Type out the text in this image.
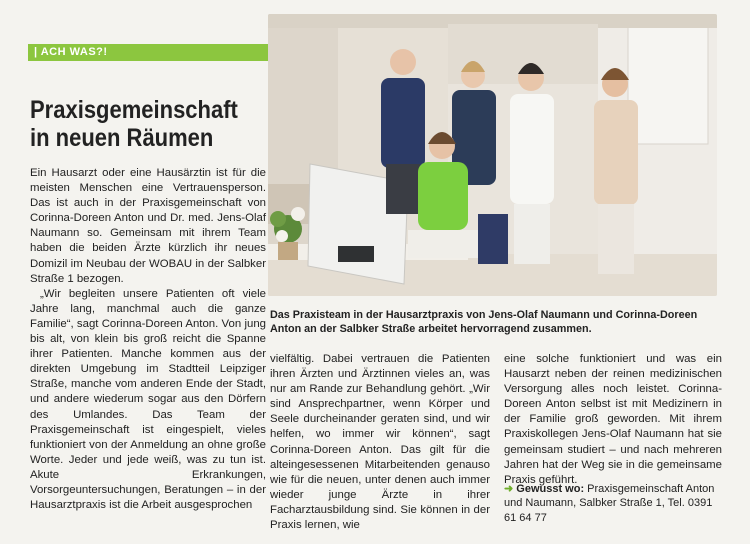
| ACH WAS?!
Praxisgemeinschaft
in neuen Räumen

Ein Hausarzt oder eine Hausärztin ist für die meisten Menschen eine Vertrauensperson. Das ist auch in der Praxisgemeinschaft von Corinna-Doreen Anton und Dr. med. Jens-Olaf Naumann so. Gemeinsam mit ihrem Team haben die beiden Ärzte kürzlich ihr neues Domizil im Neubau der WOBAU in der Salbker Straße 1 bezogen.

„Wir begleiten unsere Patienten oft viele Jahre lang, manchmal auch die ganze Familie“, sagt Corinna-Doreen Anton. Von jung bis alt, von klein bis groß reicht die Spanne ihrer Patienten. Manche kommen aus der direkten Umgebung im Stadtteil Leipziger Straße, manche vom anderen Ende der Stadt, und andere wiederum sogar aus den Dörfern des Umlandes. Das Team der Praxisgemeinschaft ist eingespielt, vieles funktioniert von der Anmeldung an ohne große Worte. Jeder und jede weiß, was zu tun ist. Akute Erkrankungen, Vorsorgeuntersuchungen, Beratungen – in der Hausarztpraxis ist die Arbeit ausgesprochen

Das Praxisteam in der Hausarztpraxis von Jens-Olaf Naumann und Corinna-Doreen Anton an der Salbker Straße arbeitet hervorragend zusammen.

vielfältig. Dabei vertrauen die Patienten ihren Ärzten und Ärztinnen vieles an, was nur am Rande zur Behandlung gehört. „Wir sind Ansprechpartner, wenn Körper und Seele durcheinander geraten sind, und wir helfen, wo immer wir können“, sagt Corinna-Doreen Anton. Das gilt für die alteingesessenen Mitarbeitenden genauso wie für die neuen, unter denen auch immer wieder junge Ärzte in ihrer Facharztausbildung sind. Sie können in der Praxis lernen, wie

eine solche funktioniert und was ein Hausarzt neben der reinen medizinischen Versorgung alles noch leistet. Corinna-Doreen Anton selbst ist mit Medizinern in der Familie groß geworden. Mit ihrem Praxiskollegen Jens-Olaf Naumann hat sie gemeinsam studiert – und nach mehreren Jahren hat der Weg sie in die gemeinsame Praxis geführt.

➜ Gewusst wo: Praxisgemeinschaft Anton und Naumann, Salbker Straße 1, Tel. 0391 61 64 77
